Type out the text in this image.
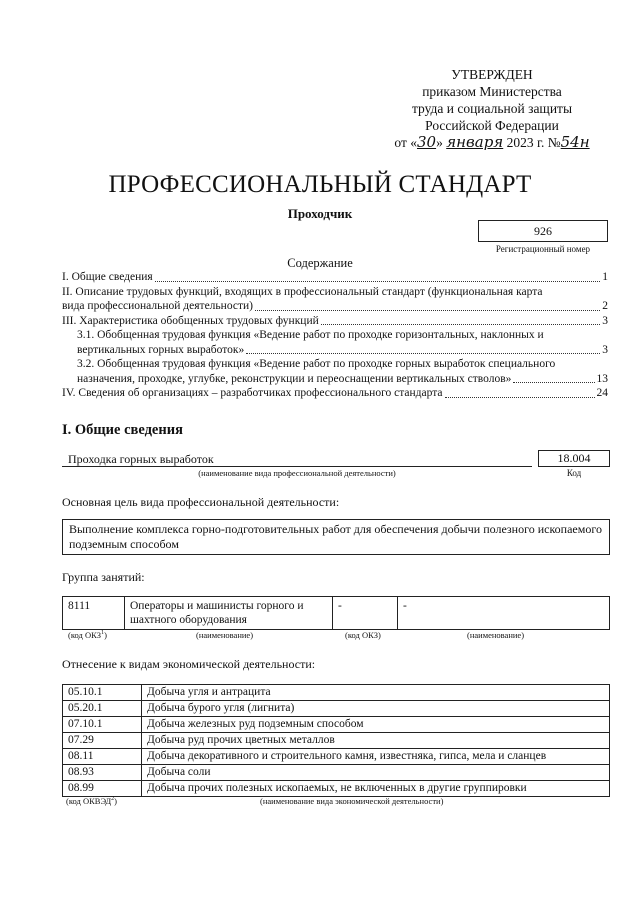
УТВЕРЖДЕН
приказом Министерства
труда и социальной защиты
Российской Федерации
от «30» января 2023 г. №54н
ПРОФЕССИОНАЛЬНЫЙ СТАНДАРТ
Проходчик
926
Регистрационный номер
Содержание
I. Общие сведения	1
II. Описание трудовых функций, входящих в профессиональный стандарт (функциональная карта
вида профессиональной деятельности)	2
III. Характеристика обобщенных трудовых функций	3
3.1. Обобщенная трудовая функция «Ведение работ по проходке горизонтальных, наклонных и
вертикальных горных выработок»	3
3.2. Обобщенная трудовая функция «Ведение работ по проходке горных выработок специального
назначения, проходке, углубке, реконструкции и переоснащении вертикальных стволов»	13
IV. Сведения об организациях – разработчиках профессионального стандарта	24
I. Общие сведения
Проходка горных выработок
(наименование вида профессиональной деятельности)
18.004
Код
Основная цель вида профессиональной деятельности:
Выполнение комплекса горно-подготовительных работ для обеспечения добычи полезного ископаемого подземным способом
Группа занятий:
8111	Операторы и машинисты горного и шахтного оборудования	-	-
(код ОКЗ$^1$)	(наименование)	(код ОКЗ)	(наименование)
Отнесение к видам экономической деятельности:
05.10.1	Добыча угля и антрацита
05.20.1	Добыча бурого угля (лигнита)
07.10.1	Добыча железных руд подземным способом
07.29	Добыча руд прочих цветных металлов
08.11	Добыча декоративного и строительного камня, известняка, гипса, мела и сланцев
08.93	Добыча соли
08.99	Добыча прочих полезных ископаемых, не включенных в другие группировки
(код ОКВЭД$^2$)	(наименование вида экономической деятельности)
